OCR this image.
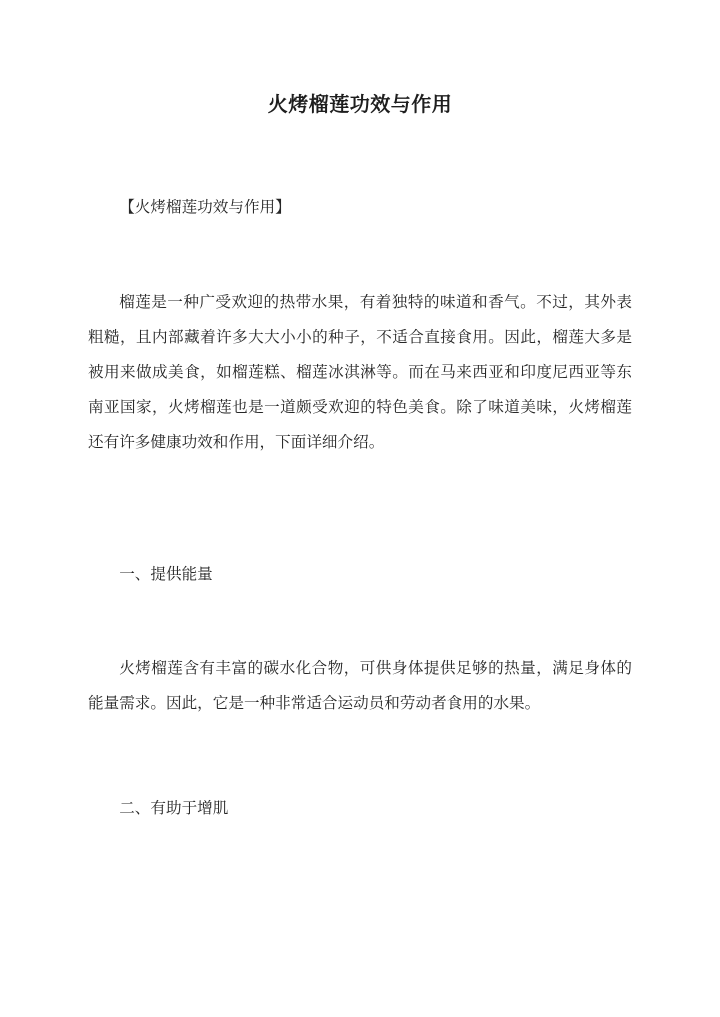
火烤榴莲功效与作用
【火烤榴莲功效与作用】
榴莲是一种广受欢迎的热带水果，有着独特的味道和香气。不过，其外表粗糙，且内部藏着许多大大小小的种子，不适合直接食用。因此，榴莲大多是被用来做成美食，如榴莲糕、榴莲冰淇淋等。而在马来西亚和印度尼西亚等东南亚国家，火烤榴莲也是一道颇受欢迎的特色美食。除了味道美味，火烤榴莲还有许多健康功效和作用，下面详细介绍。
一、提供能量
火烤榴莲含有丰富的碳水化合物，可供身体提供足够的热量，满足身体的能量需求。因此，它是一种非常适合运动员和劳动者食用的水果。
二、有助于增肌
